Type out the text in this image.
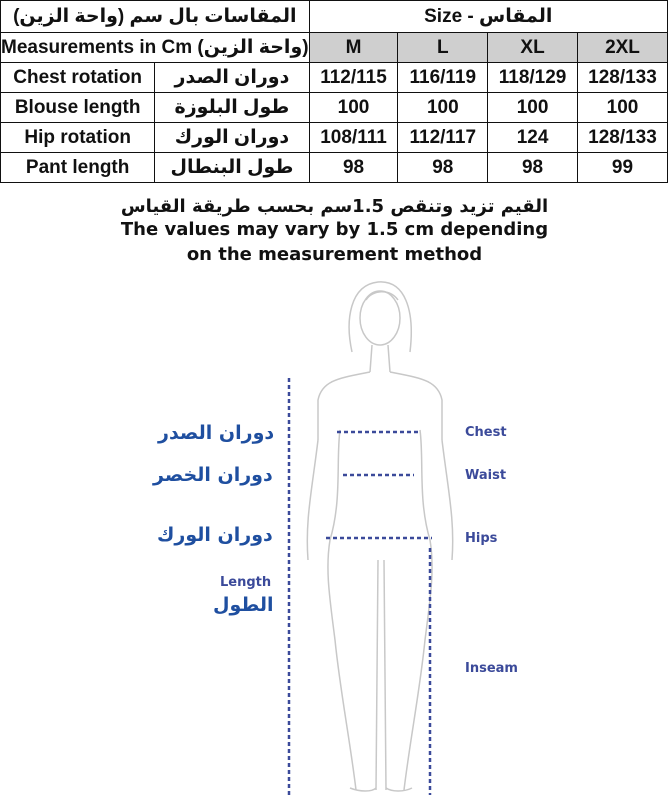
المقاسات بال سم (واحة الزين)		Size - المقاس			
Measurements in Cm (واحة الزين)		M	L	XL	2XL
Chest rotation	دوران الصدر	112/115	116/119	118/129	128/133
Blouse length	طول البلوزة	100	100	100	100
Hip rotation	دوران الورك	108/111	112/117	124	128/133
Pant length	طول البنطال	98	98	98	99
القيم تزيد وتنقص 1.5سم بحسب طريقة القياس
The values may vary by 1.5 cm depending
on the measurement method
دوران الصدر
دوران الخصر
دوران الورك
Length
الطول
Chest
Waist
Hips
Inseam
